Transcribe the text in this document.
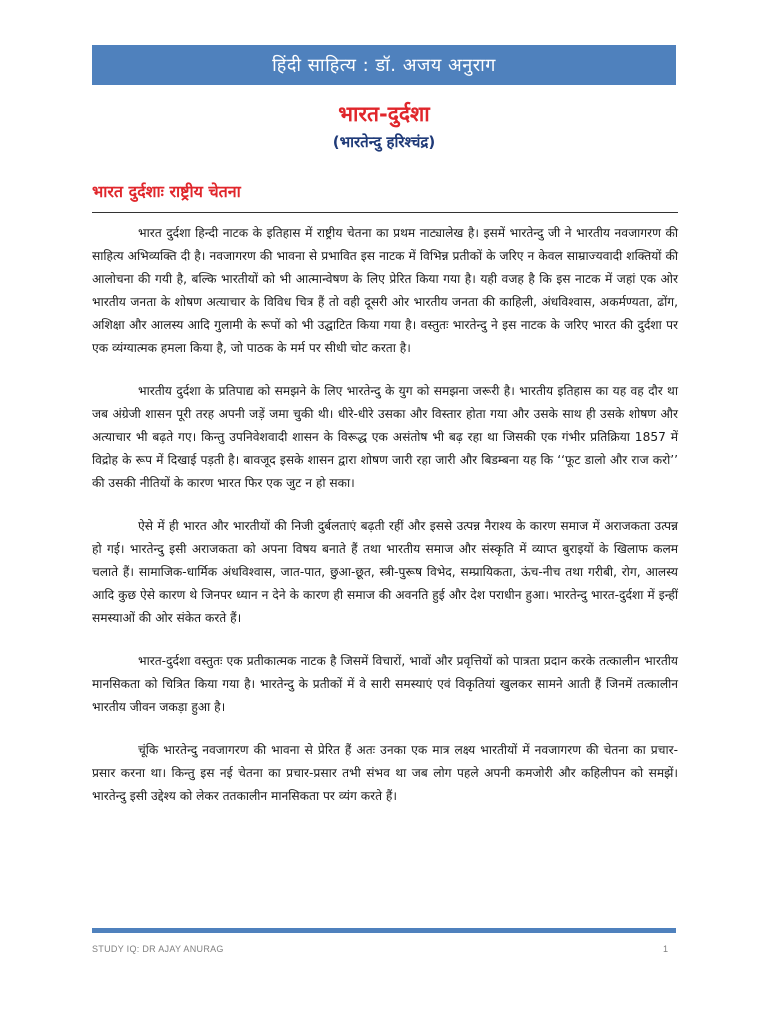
हिंदी साहित्य : डॉ. अजय अनुराग
भारत-दुर्दशा
(भारतेन्दु हरिश्चंद्र)
भारत दुर्दशाः राष्ट्रीय चेतना

भारत दुर्दशा हिन्दी नाटक के इतिहास में राष्ट्रीय चेतना का प्रथम नाट्यालेख है। इसमें भारतेन्दु जी ने भारतीय नवजागरण की साहित्य अभिव्यक्ति दी है। नवजागरण की भावना से प्रभावित इस नाटक में विभिन्न प्रतीकों के जरिए न केवल साम्राज्यवादी शक्तियों की आलोचना की गयी है, बल्कि भारतीयों को भी आत्मान्वेषण के लिए प्रेरित किया गया है। यही वजह है कि इस नाटक में जहां एक ओर भारतीय जनता के शोषण अत्याचार के विविध चित्र हैं तो वही दूसरी ओर भारतीय जनता की काहिली, अंधविश्वास, अकर्मण्यता, ढोंग, अशिक्षा और आलस्य आदि गुलामी के रूपों को भी उद्घाटित किया गया है। वस्तुतः भारतेन्दु ने इस नाटक के जरिए भारत की दुर्दशा पर एक व्यंग्यात्मक हमला किया है, जो पाठक के मर्म पर सीधी चोट करता है।

भारतीय दुर्दशा के प्रतिपाद्य को समझने के लिए भारतेन्दु के युग को समझना जरूरी है। भारतीय इतिहास का यह वह दौर था जब अंग्रेजी शासन पूरी तरह अपनी जड़ें जमा चुकी थी। धीरे-धीरे उसका और विस्तार होता गया और उसके साथ ही उसके शोषण और अत्याचार भी बढ़ते गए। किन्तु उपनिवेशवादी शासन के विरूद्ध एक असंतोष भी बढ़ रहा था जिसकी एक गंभीर प्रतिक्रिया 1857 में विद्रोह के रूप में दिखाई पड़ती है। बावजूद इसके शासन द्वारा शोषण जारी रहा जारी और बिडम्बना यह कि ‘‘फूट डालो और राज करो’’ की उसकी नीतियों के कारण भारत फिर एक जुट न हो सका।

ऐसे में ही भारत और भारतीयों की निजी दुर्बलताएं बढ़ती रहीं और इससे उत्पन्न नैराश्य के कारण समाज में अराजकता उत्पन्न हो गई। भारतेन्दु इसी अराजकता को अपना विषय बनाते हैं तथा भारतीय समाज और संस्कृति में व्याप्त बुराइयों के खिलाफ कलम चलाते हैं। सामाजिक-धार्मिक अंधविश्वास, जात-पात, छुआ-छूत, स्त्री-पुरूष विभेद, सम्प्रायिकता, ऊंच-नीच तथा गरीबी, रोग, आलस्य आदि कुछ ऐसे कारण थे जिनपर ध्यान न देने के कारण ही समाज की अवनति हुई और देश पराधीन हुआ। भारतेन्दु भारत-दुर्दशा में इन्हीं समस्याओं की ओर संकेत करते हैं।

भारत-दुर्दशा वस्तुतः एक प्रतीकात्मक नाटक है जिसमें विचारों, भावों और प्रवृत्तियों को पात्रता प्रदान करके तत्कालीन भारतीय मानसिकता को चित्रित किया गया है। भारतेन्दु के प्रतीकों में वे सारी समस्याएं एवं विकृतियां खुलकर सामने आती हैं जिनमें तत्कालीन भारतीय जीवन जकड़ा हुआ है।

चूंकि भारतेन्दु नवजागरण की भावना से प्रेरित हैं अतः उनका एक मात्र लक्ष्य भारतीयों में नवजागरण की चेतना का प्रचार-प्रसार करना था। किन्तु इस नई चेतना का प्रचार-प्रसार तभी संभव था जब लोग पहले अपनी कमजोरी और कहिलीपन को समझें। भारतेन्दु इसी उद्देश्य को लेकर ततकालीन मानसिकता पर व्यंग करते हैं।

STUDY IQ: DR AJAY ANURAG	1
